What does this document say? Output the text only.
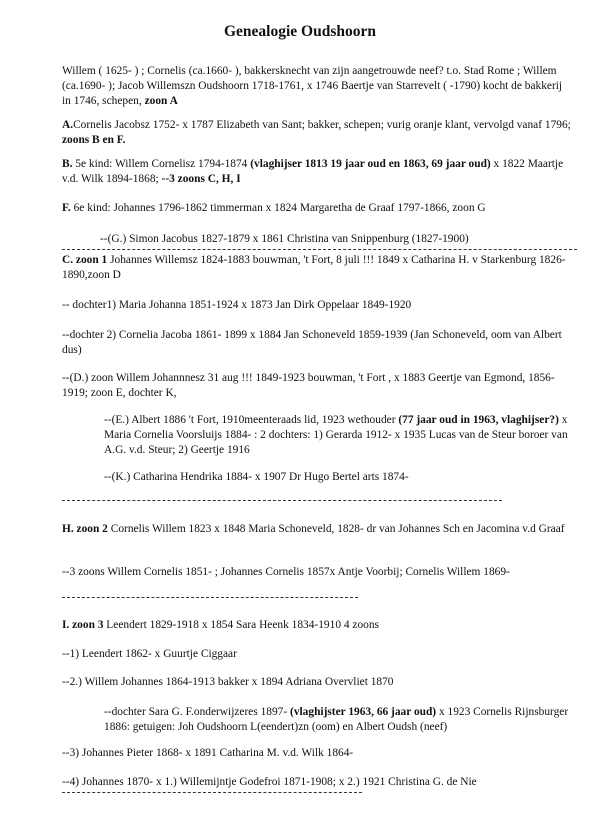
Genealogie Oudshoorn

Willem ( 1625- ) ; Cornelis (ca.1660- ), bakkersknecht van zijn aangetrouwde neef? t.o. Stad Rome ; Willem (ca.1690- ); Jacob Willemszn Oudshoorn 1718-1761, x 1746 Baertje van Starrevelt ( -1790) kocht de bakkerij in 1746, schepen, zoon A

A.Cornelis Jacobsz 1752- x 1787 Elizabeth van Sant; bakker, schepen; vurig oranje klant, vervolgd vanaf 1796; zoons B en F.

B. 5e kind: Willem Cornelisz 1794-1874 (vlaghijser 1813 19 jaar oud en 1863, 69 jaar oud) x 1822 Maartje v.d. Wilk 1894-1868; --3 zoons C, H, I

F. 6e kind: Johannes 1796-1862 timmerman x 1824 Margaretha de Graaf 1797-1866, zoon G

--(G.) Simon Jacobus 1827-1879 x 1861 Christina van Snippenburg (1827-1900)

C. zoon 1 Johannes Willemsz 1824-1883 bouwman, 't Fort, 8 juli !!! 1849 x Catharina H. v Starkenburg 1826-1890,zoon D

-- dochter1) Maria Johanna 1851-1924 x 1873 Jan Dirk Oppelaar 1849-1920

--dochter 2) Cornelia Jacoba 1861- 1899 x 1884 Jan Schoneveld 1859-1939 (Jan Schoneveld, oom van Albert dus)

--(D.) zoon Willem Johannnesz 31 aug !!! 1849-1923 bouwman, 't Fort , x 1883 Geertje van Egmond, 1856-1919; zoon E, dochter K,

--(E.) Albert 1886 't Fort, 1910meenteraads lid, 1923 wethouder (77 jaar oud in 1963, vlaghijser?) x Maria Cornelia Voorsluijs 1884- : 2 dochters: 1) Gerarda 1912- x 1935 Lucas van de Steur boroer van A.G. v.d. Steur; 2) Geertje 1916

--(K.) Catharina Hendrika 1884- x 1907 Dr Hugo Bertel arts 1874-

H. zoon 2 Cornelis Willem 1823 x 1848 Maria Schoneveld, 1828- dr van Johannes Sch en Jacomina v.d Graaf

--3 zoons Willem Cornelis 1851- ; Johannes Cornelis 1857x Antje Voorbij; Cornelis Willem 1869-

I. zoon 3 Leendert 1829-1918 x 1854 Sara Heenk 1834-1910 4 zoons

--1) Leendert 1862- x Guurtje Ciggaar

--2.) Willem Johannes 1864-1913 bakker x 1894 Adriana Overvliet 1870

--dochter Sara G. F.onderwijzeres 1897- (vlaghijster 1963, 66 jaar oud) x 1923 Cornelis Rijnsburger 1886: getuigen: Joh Oudshoorn L(eendert)zn (oom) en Albert Oudsh (neef)

--3) Johannes Pieter 1868- x 1891 Catharina M. v.d. Wilk 1864-

--4) Johannes 1870- x 1.) Willemijntje Godefroi 1871-1908; x 2.) 1921 Christina G. de Nie
